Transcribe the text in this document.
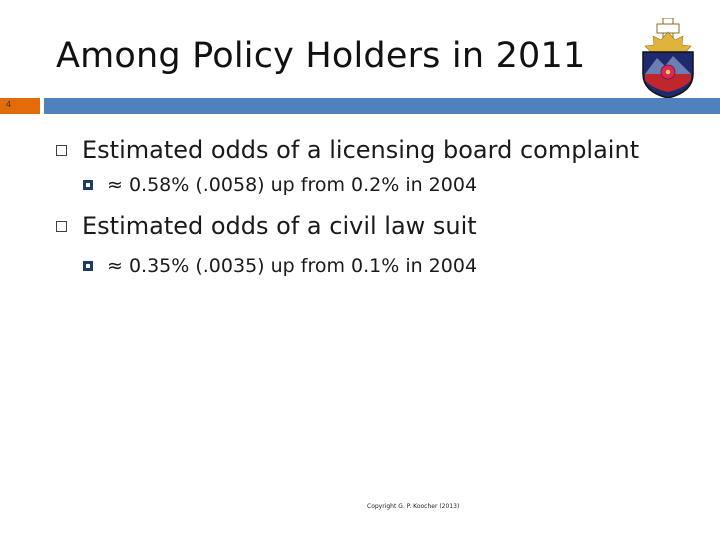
Among Policy Holders in 2011
4
Estimated odds of a licensing board complaint
≈ 0.58% (.0058) up from 0.2% in 2004
Estimated odds of a civil law suit
≈ 0.35% (.0035) up from 0.1% in 2004
Copyright G. P. Koocher (2013)
